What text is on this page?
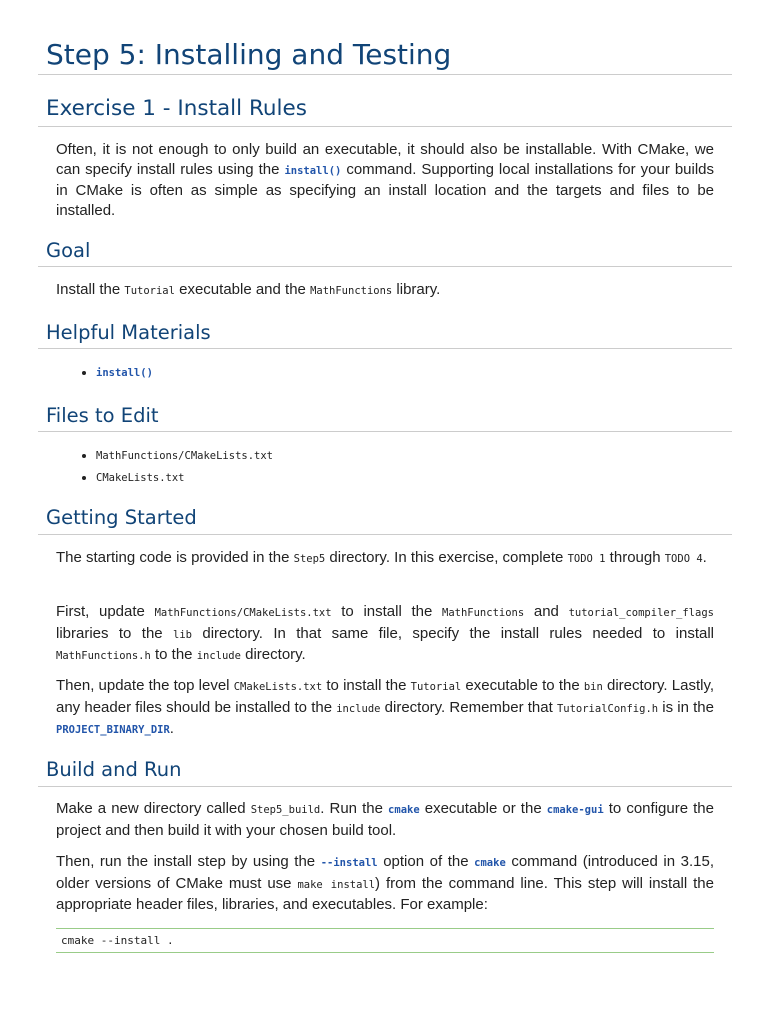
Step 5: Installing and Testing
Exercise 1 - Install Rules

Often, it is not enough to only build an executable, it should also be installable. With CMake, we can specify install rules using the install() command. Supporting local installations for your builds in CMake is often as simple as specifying an install location and the targets and files to be installed.

Goal

Install the Tutorial executable and the MathFunctions library.

Helpful Materials
• install()
Files to Edit
• MathFunctions/CMakeLists.txt
• CMakeLists.txt
Getting Started

The starting code is provided in the Step5 directory. In this exercise, complete TODO 1 through TODO 4.

First, update MathFunctions/CMakeLists.txt to install the MathFunctions and tutorial_compiler_flags libraries to the lib directory. In that same file, specify the install rules needed to install MathFunctions.h to the include directory.

Then, update the top level CMakeLists.txt to install the Tutorial executable to the bin directory. Lastly, any header files should be installed to the include directory. Remember that TutorialConfig.h is in the PROJECT_BINARY_DIR.

Build and Run

Make a new directory called Step5_build. Run the cmake executable or the cmake-gui to configure the project and then build it with your chosen build tool.

Then, run the install step by using the --install option of the cmake command (introduced in 3.15, older versions of CMake must use make install) from the command line. This step will install the appropriate header files, libraries, and executables. For example:

cmake --install .
